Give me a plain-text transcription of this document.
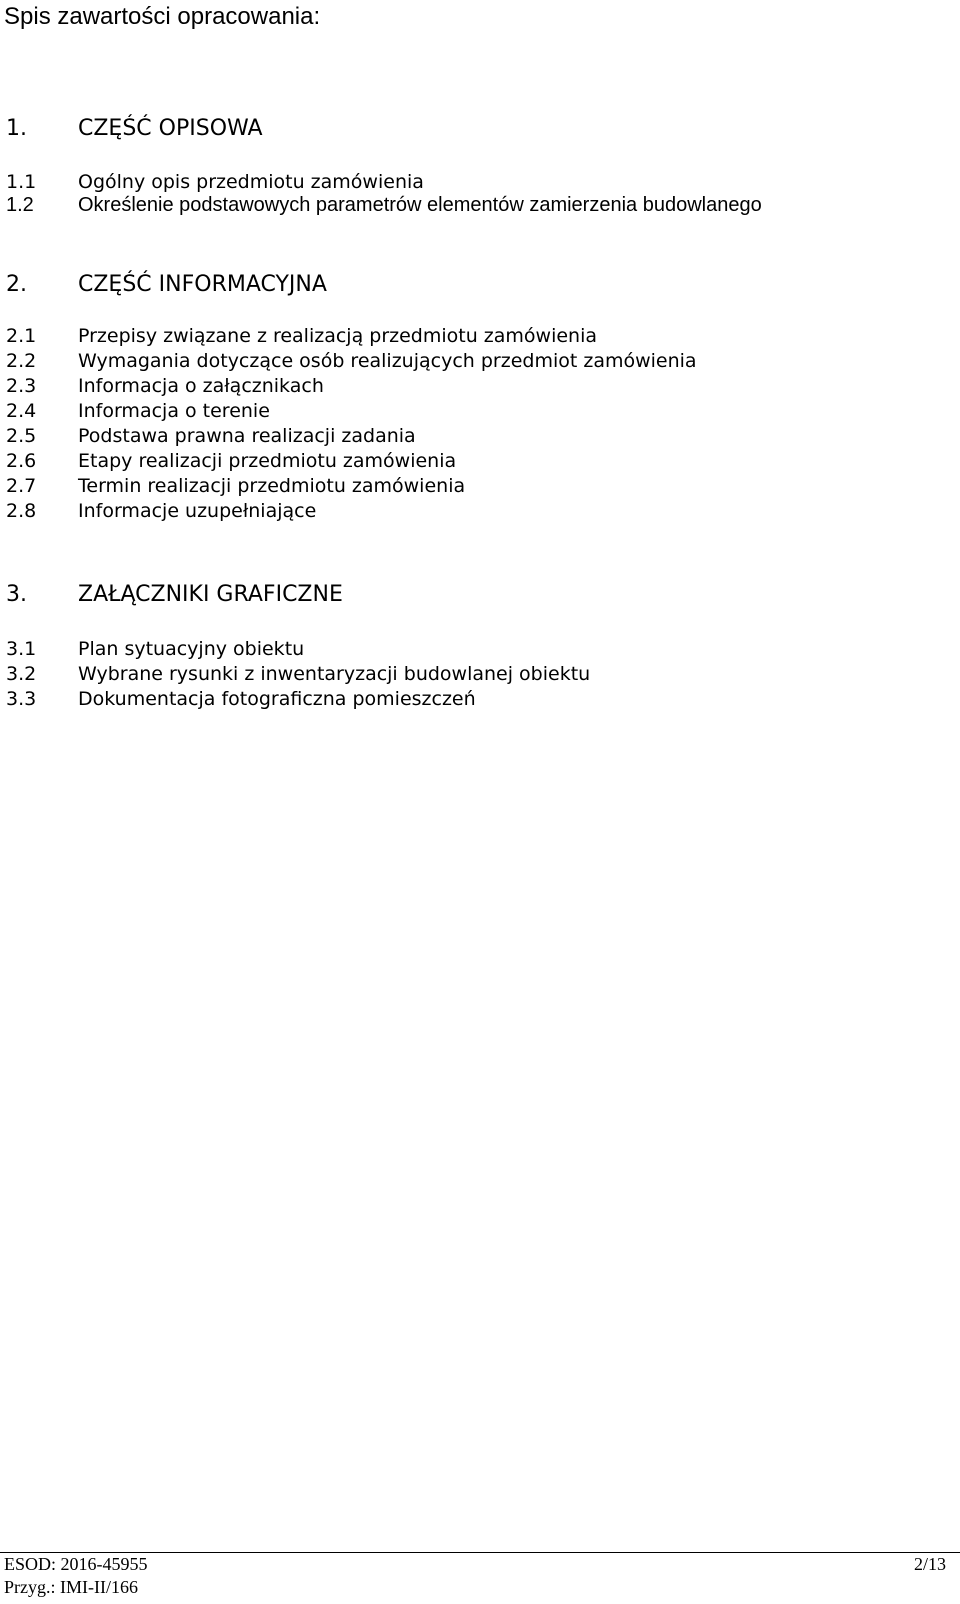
Spis zawartości opracowania:
1. CZĘŚĆ OPISOWA
1.1 Ogólny opis przedmiotu zamówienia
1.2 Określenie podstawowych parametrów elementów zamierzenia budowlanego
2. CZĘŚĆ INFORMACYJNA
2.1 Przepisy związane z realizacją przedmiotu zamówienia
2.2 Wymagania dotyczące osób realizujących przedmiot zamówienia
2.3 Informacja o załącznikach
2.4 Informacja o terenie
2.5 Podstawa prawna realizacji zadania
2.6 Etapy realizacji przedmiotu zamówienia
2.7 Termin realizacji przedmiotu zamówienia
2.8 Informacje uzupełniające
3. ZAŁĄCZNIKI GRAFICZNE
3.1 Plan sytuacyjny obiektu
3.2 Wybrane rysunki z inwentaryzacji budowlanej obiektu
3.3 Dokumentacja fotograficzna pomieszczeń
ESOD: 2016-45955	2/13
Przyg.: IMI-II/166
